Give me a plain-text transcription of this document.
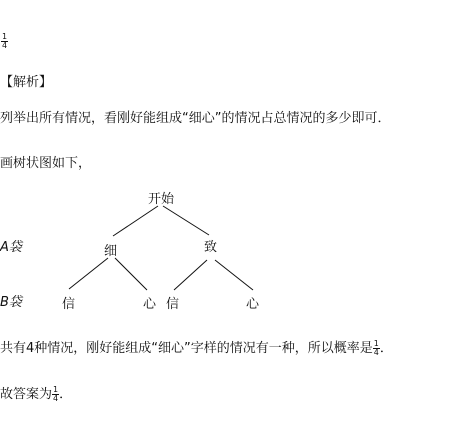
$\frac{1}{4}$
【解析】
列举出所有情况，看刚好能组成“细心”的情况占总情况的多少即可．
画树状图如下，
开始
A袋	细	致
B袋	信	心 信	心
共有4种情况，刚好能组成“细心”字样的情况有一种，所以概率是 $\frac{1}{4}$ ．
故答案为 $\frac{1}{4}$ ．
